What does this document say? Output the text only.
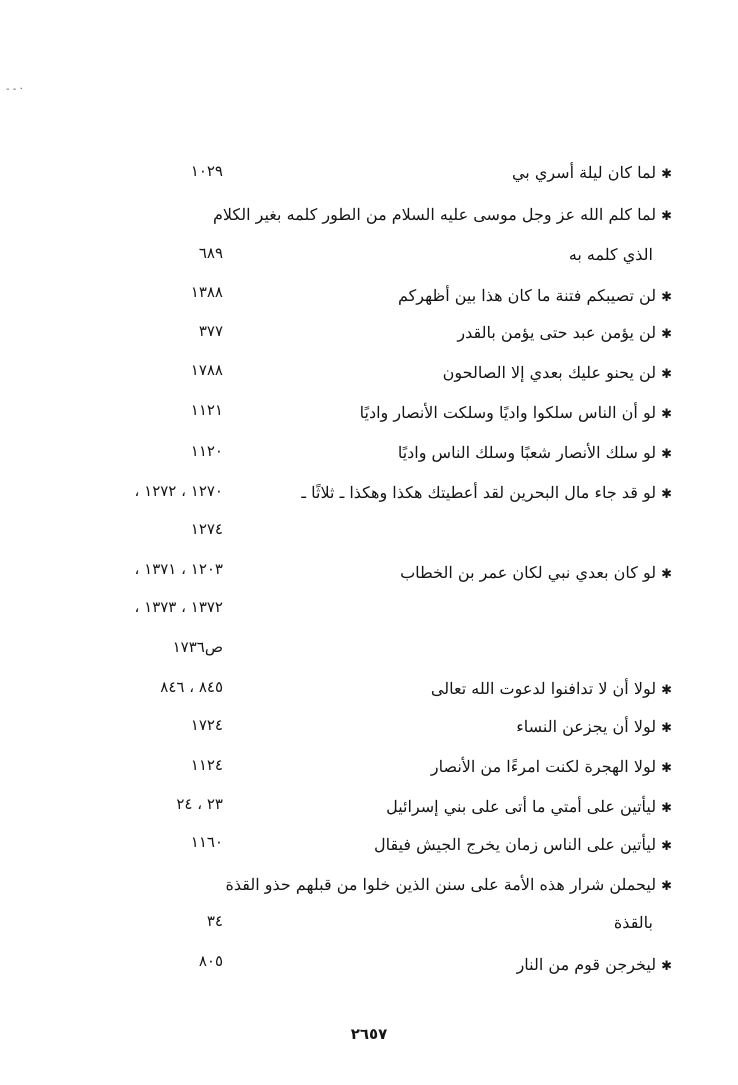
- - ·
✱لما كان ليلة أسري بي
١٠٢٩
✱لما كلم الله عز وجل موسى عليه السلام من الطور كلمه بغير الكلام
الذي كلمه به
٦٨٩
✱لن تصيبكم فتنة ما كان هذا بين أظهركم
١٣٨٨
✱لن يؤمن عبد حتى يؤمن بالقدر
٣٧٧
✱لن يحنو عليك بعدي إلا الصالحون
١٧٨٨
✱لو أن الناس سلكوا واديًا وسلكت الأنصار واديًا
١١٢١
✱لو سلك الأنصار شعبًا وسلك الناس واديًا
١١٢٠
✱لو قد جاء مال البحرين لقد أعطيتك هكذا وهكذا ـ ثلاثًا ـ
١٢٧٠ ، ١٢٧٢ ،
١٢٧٤
✱لو كان بعدي نبي لكان عمر بن الخطاب
١٢٠٣ ، ١٣٧١ ،
١٣٧٢ ، ١٣٧٣ ،
ص١٧٣٦
✱لولا أن لا تدافنوا لدعوت الله تعالى
٨٤٥ ، ٨٤٦
✱لولا أن يجزعن النساء
١٧٢٤
✱لولا الهجرة لكنت امرءًا من الأنصار
١١٢٤
✱ليأتين على أمتي ما أتى على بني إسرائيل
٢٣ ، ٢٤
✱ليأتين على الناس زمان يخرج الجيش فيقال
١١٦٠
✱ليحملن شرار هذه الأمة على سنن الذين خلوا من قبلهم حذو القذة
بالقذة
٣٤
✱ليخرجن قوم من النار
٨٠٥
٢٦٥٧
